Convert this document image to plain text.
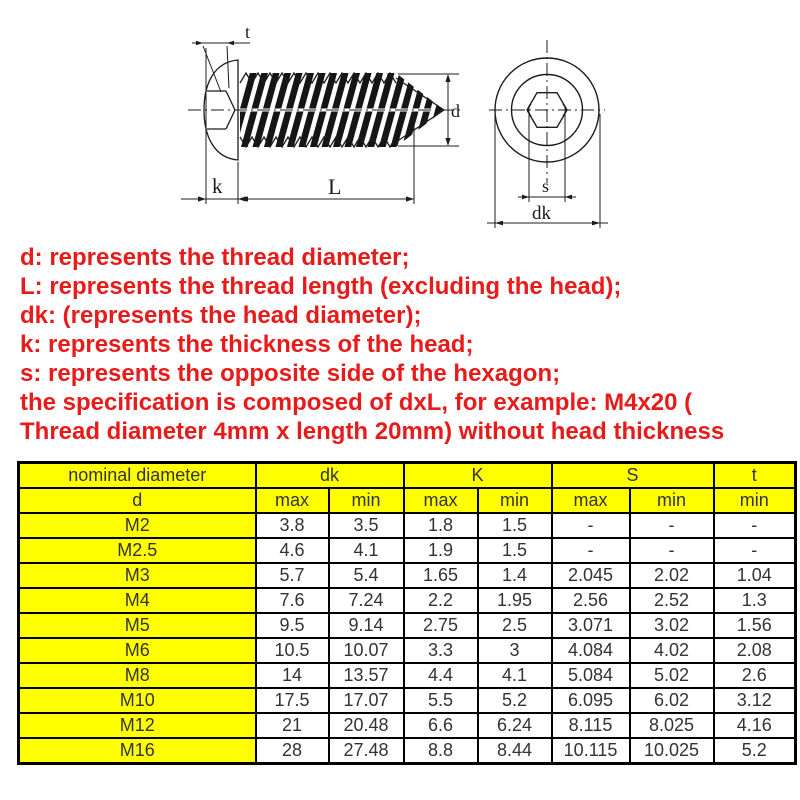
t
k	L
d
s
dk
d: represents the thread diameter;
L: represents the thread length (excluding the head);
dk: (represents the head diameter);
k: represents the thickness of the head;
s: represents the opposite side of the hexagon;
the specification is composed of dxL, for example: M4x20 (
Thread diameter 4mm x length 20mm) without head thickness
nominal diameter	dk		K		S		t
d	max	min	max	min	max	min	min
M2	3.8	3.5	1.8	1.5	-	-	-
M2.5	4.6	4.1	1.9	1.5	-	-	-
M3	5.7	5.4	1.65	1.4	2.045	2.02	1.04
M4	7.6	7.24	2.2	1.95	2.56	2.52	1.3
M5	9.5	9.14	2.75	2.5	3.071	3.02	1.56
M6	10.5	10.07	3.3	3	4.084	4.02	2.08
M8	14	13.57	4.4	4.1	5.084	5.02	2.6
M10	17.5	17.07	5.5	5.2	6.095	6.02	3.12
M12	21	20.48	6.6	6.24	8.115	8.025	4.16
M16	28	27.48	8.8	8.44	10.115	10.025	5.2
